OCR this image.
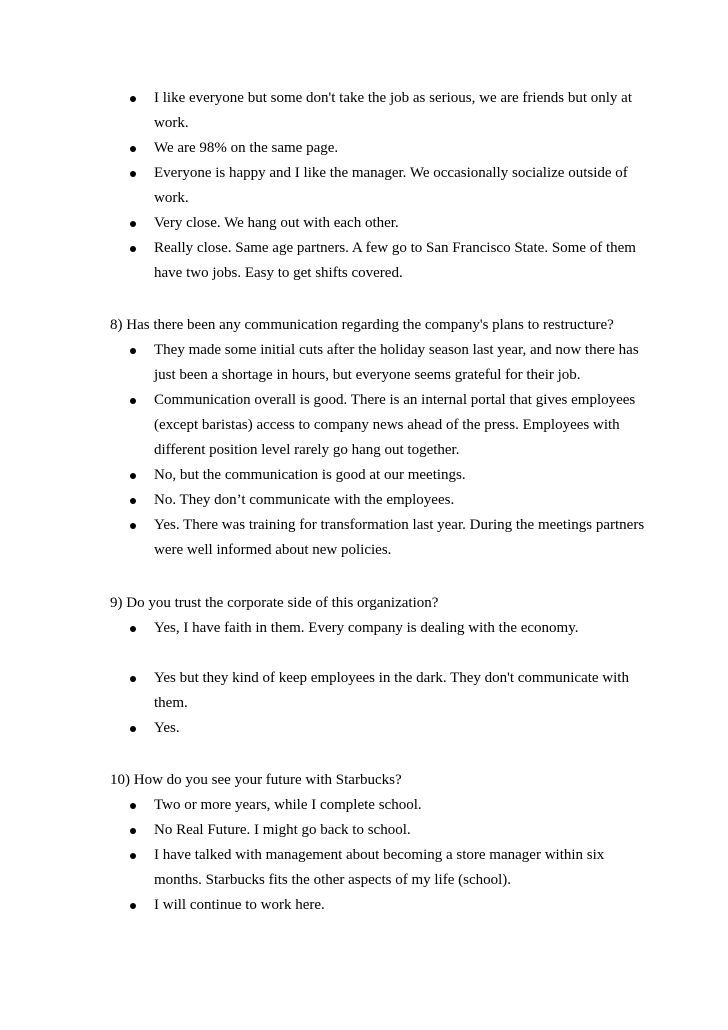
I like everyone but some don't take the job as serious, we are friends but only at work.
We are 98% on the same page.
Everyone is happy and I like the manager. We occasionally socialize outside of work.
Very close. We hang out with each other.
Really close. Same age partners. A few go to San Francisco State. Some of them have two jobs. Easy to get shifts covered.
8) Has there been any communication regarding the company's plans to restructure?
They made some initial cuts after the holiday season last year, and now there has just been a shortage in hours, but everyone seems grateful for their job.
Communication overall is good. There is an internal portal that gives employees (except baristas) access to company news ahead of the press. Employees with different position level rarely go hang out together.
No, but the communication is good at our meetings.
No. They don’t communicate with the employees.
Yes. There was training for transformation last year. During the meetings partners were well informed about new policies.
9) Do you trust the corporate side of this organization?
Yes, I have faith in them. Every company is dealing with the economy.
Yes but they kind of keep employees in the dark. They don't communicate with them.
Yes.
10) How do you see your future with Starbucks?
Two or more years, while I complete school.
No Real Future. I might go back to school.
I have talked with management about becoming a store manager within six months. Starbucks fits the other aspects of my life (school).
I will continue to work here.
